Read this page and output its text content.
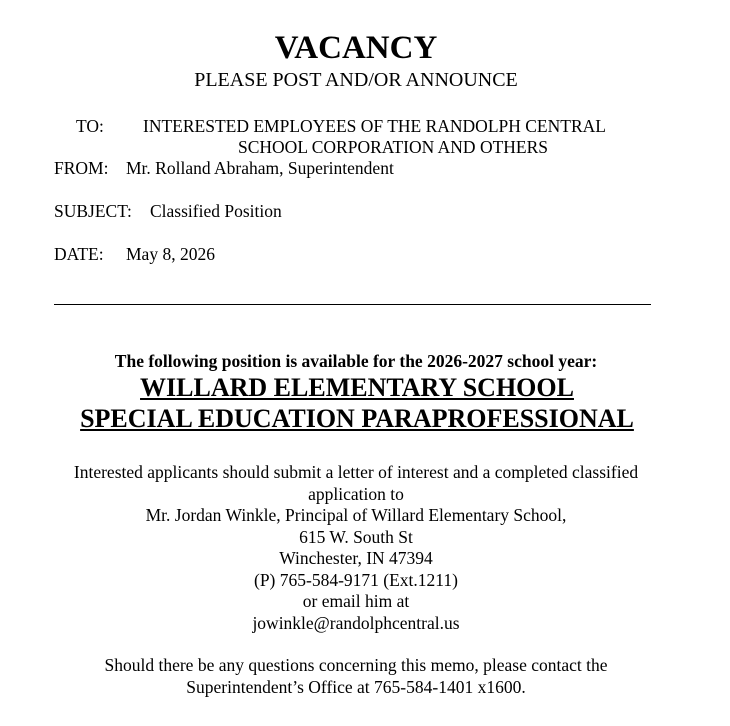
VACANCY
PLEASE POST AND/OR ANNOUNCE
TO: INTERESTED EMPLOYEES OF THE RANDOLPH CENTRAL
SCHOOL CORPORATION AND OTHERS
FROM: Mr. Rolland Abraham, Superintendent
SUBJECT: Classified Position
DATE: May 8, 2026
The following position is available for the 2026-2027 school year:
WILLARD ELEMENTARY SCHOOL
SPECIAL EDUCATION PARAPROFESSIONAL
Interested applicants should submit a letter of interest and a completed classified
application to
Mr. Jordan Winkle, Principal of Willard Elementary School,
615 W. South St
Winchester, IN 47394
(P) 765-584-9171 (Ext.1211)
or email him at
jowinkle@randolphcentral.us
Should there be any questions concerning this memo, please contact the
Superintendent’s Office at 765-584-1401 x1600.
